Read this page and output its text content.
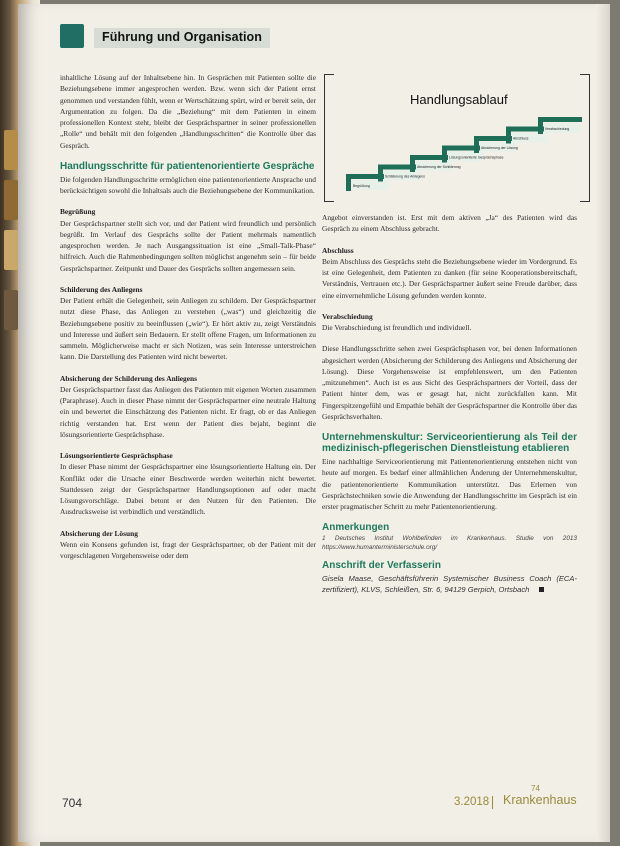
Führung und Organisation

inhaltliche Lösung auf der Inhaltsebene hin. In Gesprächen mit Patienten sollte die Beziehungsebene immer angesprochen werden. Bzw. wenn sich der Patient ernst genommen und verstanden fühlt, wenn er Wertschätzung spürt, wird er bereit sein, der Argumentation zu folgen. Da die „Beziehung“ mit dem Patienten in einem professionellen Kontext steht, bleibt der Gesprächspartner in seiner professionellen „Rolle“ und behält mit den folgenden „Handlungsschritten“ die Kontrolle über das Gespräch.

Handlungsschritte für patientenorientierte Gespräche

Die folgenden Handlungsschritte ermöglichen eine patientenorientierte Ansprache und berücksichtigen sowohl die Inhaltsals auch die Beziehungsebene der Kommunikation.

Begrüßung

Der Gesprächspartner stellt sich vor, und der Patient wird freundlich und persönlich begrüßt. Im Verlauf des Gesprächs sollte der Patient mehrmals namentlich angesprochen werden. Je nach Ausgangssituation ist eine „Small-Talk-Phase“ hilfreich. Auch die Rahmenbedingungen sollten möglichst angenehm sein – für beide Gesprächspartner. Zeitpunkt und Dauer des Gesprächs sollten angemessen sein.

Schilderung des Anliegens

Der Patient erhält die Gelegenheit, sein Anliegen zu schildern. Der Gesprächspartner nutzt diese Phase, das Anliegen zu verstehen („was“) und gleichzeitig die Beziehungsebene positiv zu beeinflussen („wie“). Er hört aktiv zu, zeigt Verständnis und Interesse und äußert sein Bedauern. Er stellt offene Fragen, um Informationen zu sammeln. Möglicherweise macht er sich Notizen, was sein Interesse unterstreichen kann. Die Darstellung des Patienten wird nicht bewertet.

Absicherung der Schilderung des Anliegens

Der Gesprächspartner fasst das Anliegen des Patienten mit eigenen Worten zusammen (Paraphrase). Auch in dieser Phase nimmt der Gesprächspartner eine neutrale Haltung ein und bewertet die Einschätzung des Patienten nicht. Er fragt, ob er das Anliegen richtig verstanden hat. Erst wenn der Patient dies bejaht, beginnt die lösungsorientierte Gesprächsphase.

Lösungsorientierte Gesprächsphase

In dieser Phase nimmt der Gesprächspartner eine lösungsorientierte Haltung ein. Der Konflikt oder die Ursache einer Beschwerde werden weiterhin nicht bewertet. Stattdessen zeigt der Gesprächspartner Handlungsoptionen auf oder macht Lösungsvorschläge. Dabei betont er den Nutzen für den Patienten. Die Ausdrucksweise ist verbindlich und verständlich.

Absicherung der Lösung

Wenn ein Konsens gefunden ist, fragt der Gesprächspartner, ob der Patient mit der vorgeschlagenen Vorgehensweise oder dem

Handlungsablauf
Begrüßung
Schilderung des Anliegens
Absicherung der Schilderung
Lösungsorientierte Gesprächsphase
Absicherung der Lösung
Abschluss
Verabschiedung

Angebot einverstanden ist. Erst mit dem aktiven „Ja“ des Patienten wird das Gespräch zu einem Abschluss gebracht.

Abschluss

Beim Abschluss des Gesprächs steht die Beziehungsebene wieder im Vordergrund. Es ist eine Gelegenheit, dem Patienten zu danken (für seine Kooperationsbereitschaft, Verständnis, Vertrauen etc.). Der Gesprächspartner äußert seine Freude darüber, dass eine einvernehmliche Lösung gefunden werden konnte.

Verabschiedung

Die Verabschiedung ist freundlich und individuell.

Diese Handlungsschritte sehen zwei Gesprächsphasen vor, bei denen Informationen abgesichert werden (Absicherung der Schilderung des Anliegens und Absicherung der Lösung). Diese Vorgehensweise ist empfehlenswert, um den Patienten „mitzunehmen“. Auch ist es aus Sicht des Gesprächspartners der Vorteil, dass der Patient hinter dem, was er gesagt hat, nicht zurückfallen kann. Mit Fingerspitzengefühl und Empathie behält der Gesprächspartner die Kontrolle über das Gesprächsverhalten.

Unternehmenskultur: Serviceorientierung als Teil der medizinisch-pflegerischen Dienstleistung etablieren

Eine nachhaltige Serviceorientierung mit Patientenorientierung entstehen nicht von heute auf morgen. Es bedarf einer allmählichen Änderung der Unternehmenskultur, die patientenorientierte Kommunikation unterstützt. Das Erlernen von Gesprächstechniken sowie die Anwendung der Handlungsschritte im Gespräch ist ein erster pragmatischer Schritt zu mehr Patientenorientierung.

Anmerkungen
1 Deutsches Institut Wohlbefinden im Krankenhaus. Studie von 2013 https://www.humanterministerschule.org/
Anschrift der Verfasserin
Gisela Maase, Geschäftsführerin Systemischer Business Coach (ECA-zertifiziert), KLVS, Schleißen, Str. 6, 94129 Gerpich, Ortsbach
704	3.2018
74
Krankenhaus
